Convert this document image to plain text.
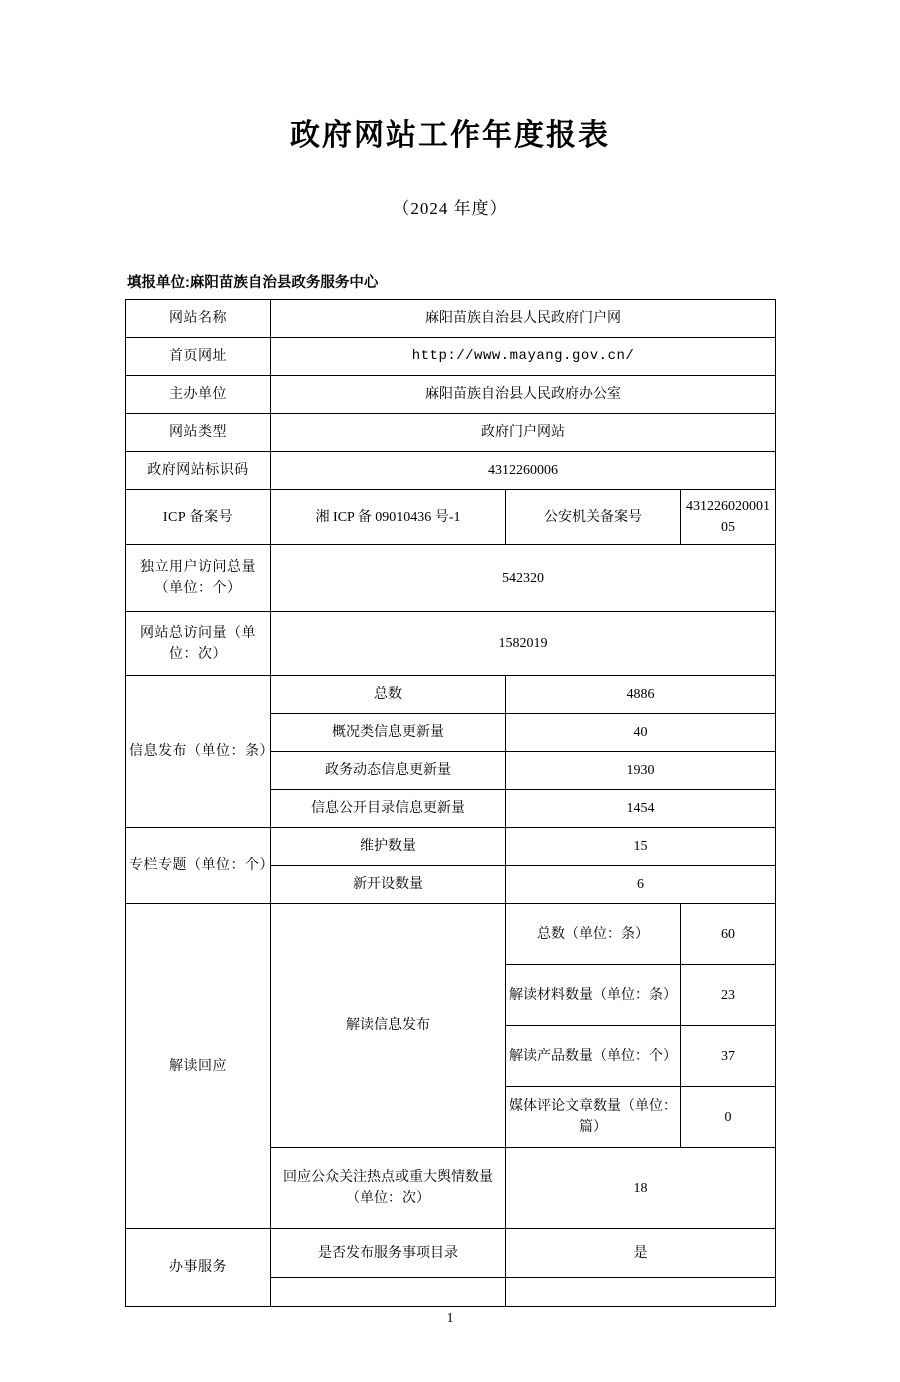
政府网站工作年度报表
（2024 年度）
填报单位:麻阳苗族自治县政务服务中心
网站名称	麻阳苗族自治县人民政府门户网		
首页网址	http://www.mayang.gov.cn/		
主办单位	麻阳苗族自治县人民政府办公室		
网站类型	政府门户网站		
政府网站标识码	4312260006		
ICP 备案号	湘 ICP 备 09010436 号-1	公安机关备案号	43122602000105
独立用户访问总量（单位：个）	542320		
网站总访问量（单位：次）	1582019		
信息发布（单位：条）	总数	4886	
	概况类信息更新量	40	
	政务动态信息更新量	1930	
	信息公开目录信息更新量	1454	
专栏专题（单位：个）	维护数量	15	
	新开设数量	6	
解读回应	解读信息发布	总数（单位：条）	60
		解读材料数量（单位：条）	23
		解读产品数量（单位：个）	37
		媒体评论文章数量（单位：篇）	0
	回应公众关注热点或重大舆情数量（单位：次）	18	
办事服务	是否发布服务事项目录	是	

1
